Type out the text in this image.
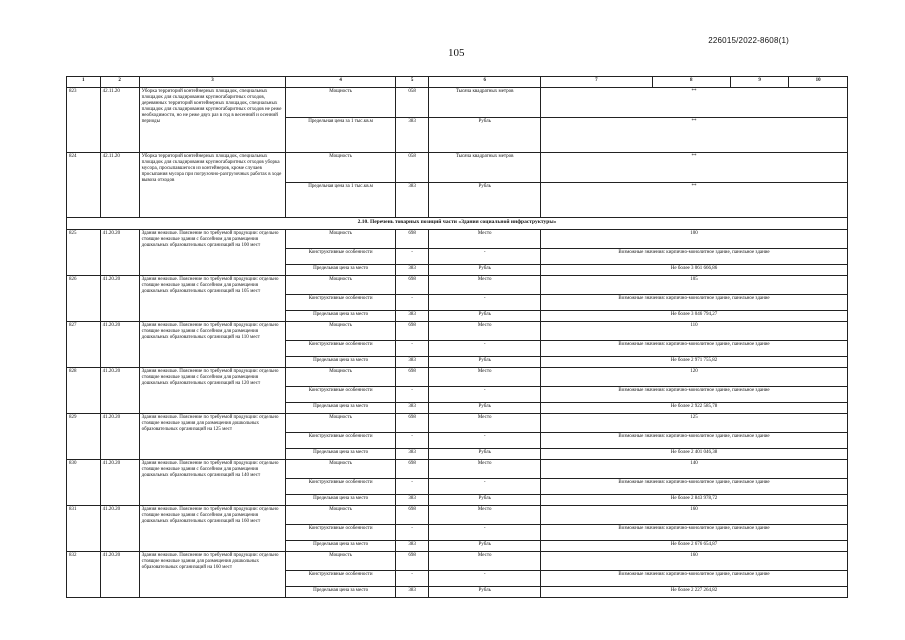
226015/2022-8608(1)
105
1	2	3	4	5	6	7	8	9	10
823	42.11.20	Уборка территорий контейнерных площадок, специальных площадок для складирования крупногабаритных отходов, деревянных территорий контейнерных площадок, специальных площадок для складирования крупногабаритных отходов не реже необходимости, но не реже двух раз в год в весенний и осенний периоды	Мощность	058	Тысяча квадратных метров	**			
			Предельная цена за 1 тыс.кв.м	383	Рубль	**			
824	42.11.20	Уборка территорий контейнерных площадок, специальных площадок для складирования крупногабаритных отходов уборка мусора, просыпавшегося из контейнеров, кроме случаев просыпания мусора при погрузочно-разгрузочных работах в ходе вывоза отходов	Мощность	058	Тысяча квадратных метров	**			
			Предельная цена за 1 тыс.кв.м	383	Рубль	**			
2.10. Перечень товарных позиций части «Здания социальной инфраструктуры»									
825	41.20.20	Здания нежилые. Пояснение по требуемой продукции: отдельно стоящие нежилые здания с бассейном для размещения дошкольных образовательных организаций на 100 мест	Мощность	698	Место	100			
			Конструктивные особенности	-	-	Возможные значения: кирпично-монолитное здание, панельное здание			
			Предельная цена за место	383	Рубль	Не более 3 061 666,86			
826	41.20.20	Здания нежилые. Пояснение по требуемой продукции: отдельно стоящие нежилые здания с бассейном для размещения дошкольных образовательных организаций на 105 мест	Мощность	698	Место	105			
			Конструктивные особенности	-	-	Возможные значения: кирпично-монолитное здание, панельное здание			
			Предельная цена за место	383	Рубль	Не более 3 046 794,27			
827	41.20.20	Здания нежилые. Пояснение по требуемой продукции: отдельно стоящие нежилые здания с бассейном для размещения дошкольных образовательных организаций на 110 мест	Мощность	698	Место	110			
			Конструктивные особенности	-	-	Возможные значения: кирпично-монолитное здание, панельное здание			
			Предельная цена за место	383	Рубль	Не более 2 971 755,82			
828	41.20.20	Здания нежилые. Пояснение по требуемой продукции: отдельно стоящие нежилые здания с бассейном для размещения дошкольных образовательных организаций на 120 мест	Мощность	698	Место	120			
			Конструктивные особенности	-	-	Возможные значения: кирпично-монолитное здание, панельное здание			
			Предельная цена за место	383	Рубль	Не более 2 922 585,78			
829	41.20.20	Здания нежилые. Пояснение по требуемой продукции: отдельно стоящие нежилые здания для размещения дошкольных образовательных организаций на 125 мест	Мощность	698	Место	125			
			Конструктивные особенности	-	-	Возможные значения: кирпично-монолитное здание, панельное здание			
			Предельная цена за место	383	Рубль	Не более 2 401 046,38			
830	41.20.20	Здания нежилые. Пояснение по требуемой продукции: отдельно стоящие нежилые здания с бассейном для размещения дошкольных образовательных организаций на 140 мест	Мощность	698	Место	140			
			Конструктивные особенности	-	-	Возможные значения: кирпично-монолитное здание, панельное здание			
			Предельная цена за место	383	Рубль	Не более 2 843 978,72			
831	41.20.20	Здания нежилые. Пояснение по требуемой продукции: отдельно стоящие нежилые здания с бассейном для размещения дошкольных образовательных организаций на 160 мест	Мощность	698	Место	160			
			Конструктивные особенности	-	-	Возможные значения: кирпично-монолитное здание, панельное здание			
			Предельная цена за место	383	Рубль	Не более 2 676 654,87			
832	41.20.20	Здания нежилые. Пояснение по требуемой продукции: отдельно стоящие нежилые здания для размещения дошкольных образовательных организаций на 160 мест	Мощность	698	Место	160			
			Конструктивные особенности	-	-	Возможные значения: кирпично-монолитное здание, панельное здание			
			Предельная цена за место	383	Рубль	Не более 2 227 264,82			
